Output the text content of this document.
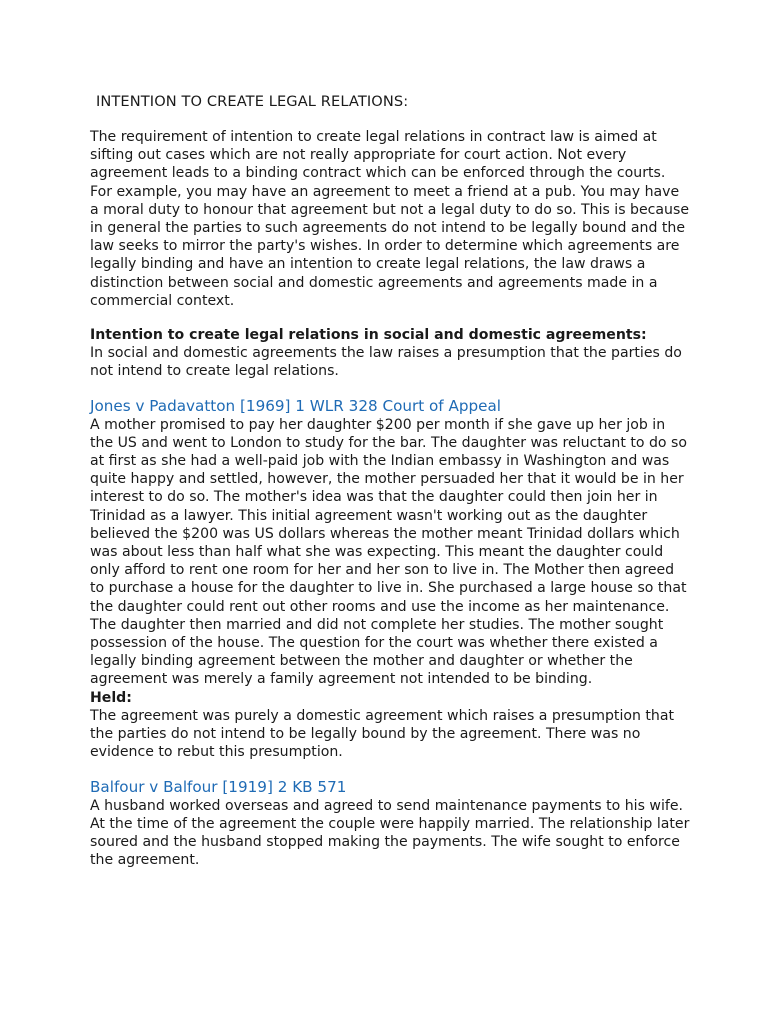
INTENTION TO CREATE LEGAL RELATIONS:

The requirement of intention to create legal relations in contract law is aimed at sifting out cases which are not really appropriate for court action. Not every agreement leads to a binding contract which can be enforced through the courts. For example, you may have an agreement to meet a friend at a pub. You may have a moral duty to honour that agreement but not a legal duty to do so. This is because in general the parties to such agreements do not intend to be legally bound and the law seeks to mirror the party's wishes. In order to determine which agreements are legally binding and have an intention to create legal relations, the law draws a distinction between social and domestic agreements and agreements made in a commercial context.

Intention to create legal relations in social and domestic agreements:

In social and domestic agreements the law raises a presumption that the parties do not intend to create legal relations.

Jones v Padavatton [1969] 1 WLR 328 Court of Appeal

A mother promised to pay her daughter $200 per month if she gave up her job in the US and went to London to study for the bar. The daughter was reluctant to do so at first as she had a well-paid job with the Indian embassy in Washington and was quite happy and settled, however, the mother persuaded her that it would be in her interest to do so. The mother's idea was that the daughter could then join her in Trinidad as a lawyer. This initial agreement wasn't working out as the daughter believed the $200 was US dollars whereas the mother meant Trinidad dollars which was about less than half what she was expecting. This meant the daughter could only afford to rent one room for her and her son to live in. The Mother then agreed to purchase a house for the daughter to live in. She purchased a large house so that the daughter could rent out other rooms and use the income as her maintenance. The daughter then married and did not complete her studies. The mother sought possession of the house. The question for the court was whether there existed a legally binding agreement between the mother and daughter or whether the agreement was merely a family agreement not intended to be binding.

Held:

The agreement was purely a domestic agreement which raises a presumption that the parties do not intend to be legally bound by the agreement. There was no evidence to rebut this presumption.

Balfour v Balfour [1919] 2 KB 571

A husband worked overseas and agreed to send maintenance payments to his wife. At the time of the agreement the couple were happily married. The relationship later soured and the husband stopped making the payments. The wife sought to enforce the agreement.
